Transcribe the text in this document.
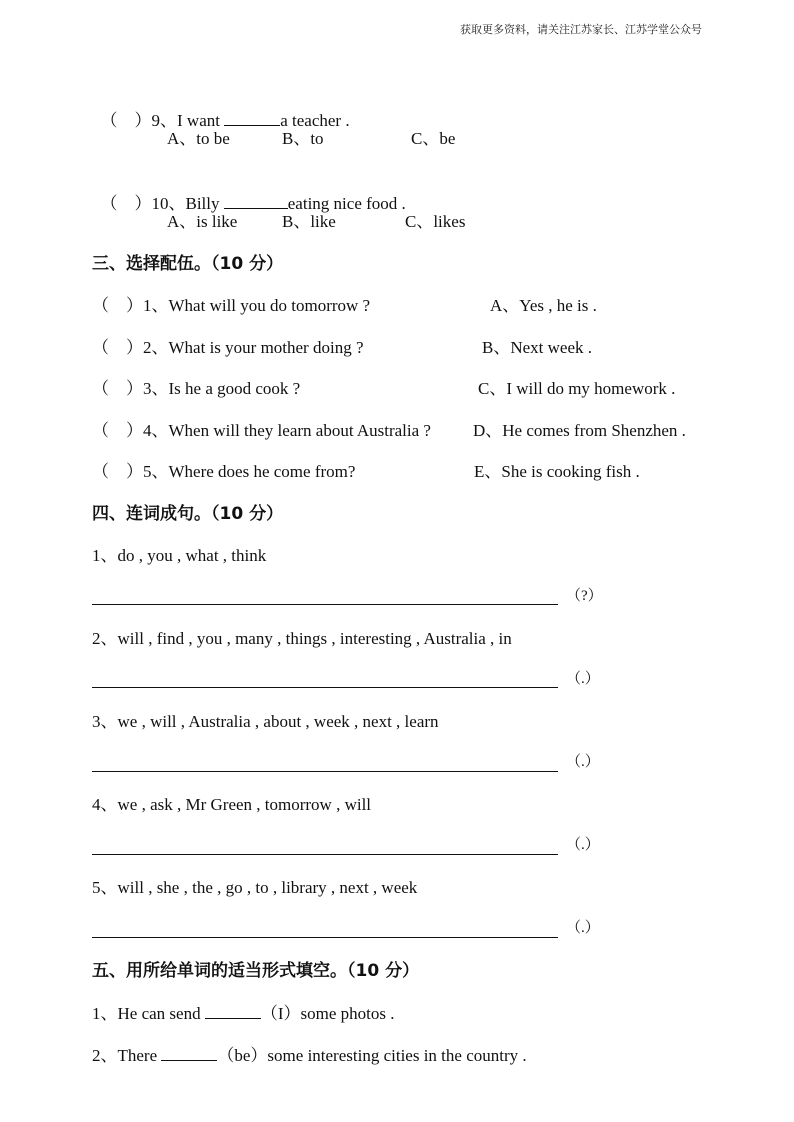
获取更多资料，请关注江苏家长、江苏学堂公众号

（    ）9、I want	a teacher .

A、to be	B、to	C、be

（    ）10、Billy	eating nice food .

A、is like	B、like	C、likes
三、选择配伍。（10 分）
（    ）1、What will you do tomorrow ?	A、Yes , he is .
（    ）2、What is your mother doing ?	B、Next week .
（    ）3、Is he a good cook ?	C、I will do my homework .
（    ）4、When will they learn about Australia ? D、He comes from Shenzhen .
（    ）5、Where does he come from?	E、She is cooking fish .
四、连词成句。（10 分）
1、do , you , what , think
（?）
2、will , find , you , many , things , interesting , Australia , in
（.）
3、we , will , Australia , about , week , next , learn
（.）
4、we , ask , Mr Green , tomorrow , will
（.）
5、will , she , the , go , to , library , next , week
（.）
五、用所给单词的适当形式填空。（10 分）
1、He can send	（I）some photos .
2、There	（be）some interesting cities in the country .
